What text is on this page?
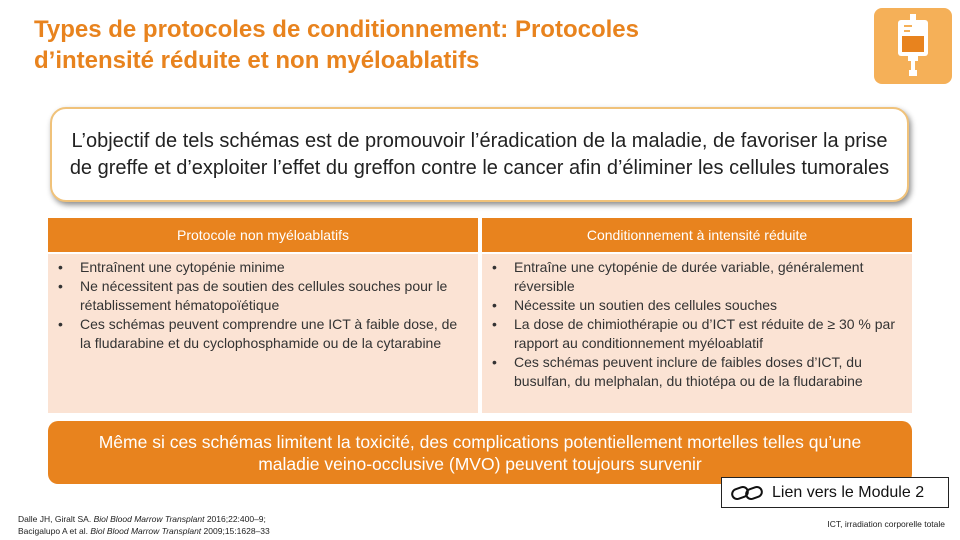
Types de protocoles de conditionnement: Protocoles
d’intensité réduite et non myéloablatifs
L’objectif de tels schémas est de promouvoir l’éradication de la maladie, de favoriser la prise de greffe et d’exploiter l’effet du greffon contre le cancer afin d’éliminer les cellules tumorales
Protocole non myéloablatifs
• Entraînent une cytopénie minime
• Ne nécessitent pas de soutien des cellules souches pour le rétablissement hématopoïétique
• Ces schémas peuvent comprendre une ICT à faible dose, de la fludarabine et du cyclophosphamide ou de la cytarabine
Conditionnement à intensité réduite
• Entraîne une cytopénie de durée variable, généralement réversible
• Nécessite un soutien des cellules souches
• La dose de chimiothérapie ou d’ICT est réduite de ≥ 30 % par rapport au conditionnement myéloablatif
• Ces schémas peuvent inclure de faibles doses d’ICT, du busulfan, du melphalan, du thiotépa ou de la fludarabine
Même si ces schémas limitent la toxicité, des complications potentiellement mortelles telles qu’une maladie veino-occlusive (MVO) peuvent toujours survenir
Lien vers le Module 2
Dalle JH, Giralt SA. Biol Blood Marrow Transplant 2016;22:400–9;
Bacigalupo A et al. Biol Blood Marrow Transplant 2009;15:1628–33
ICT, irradiation corporelle totale
